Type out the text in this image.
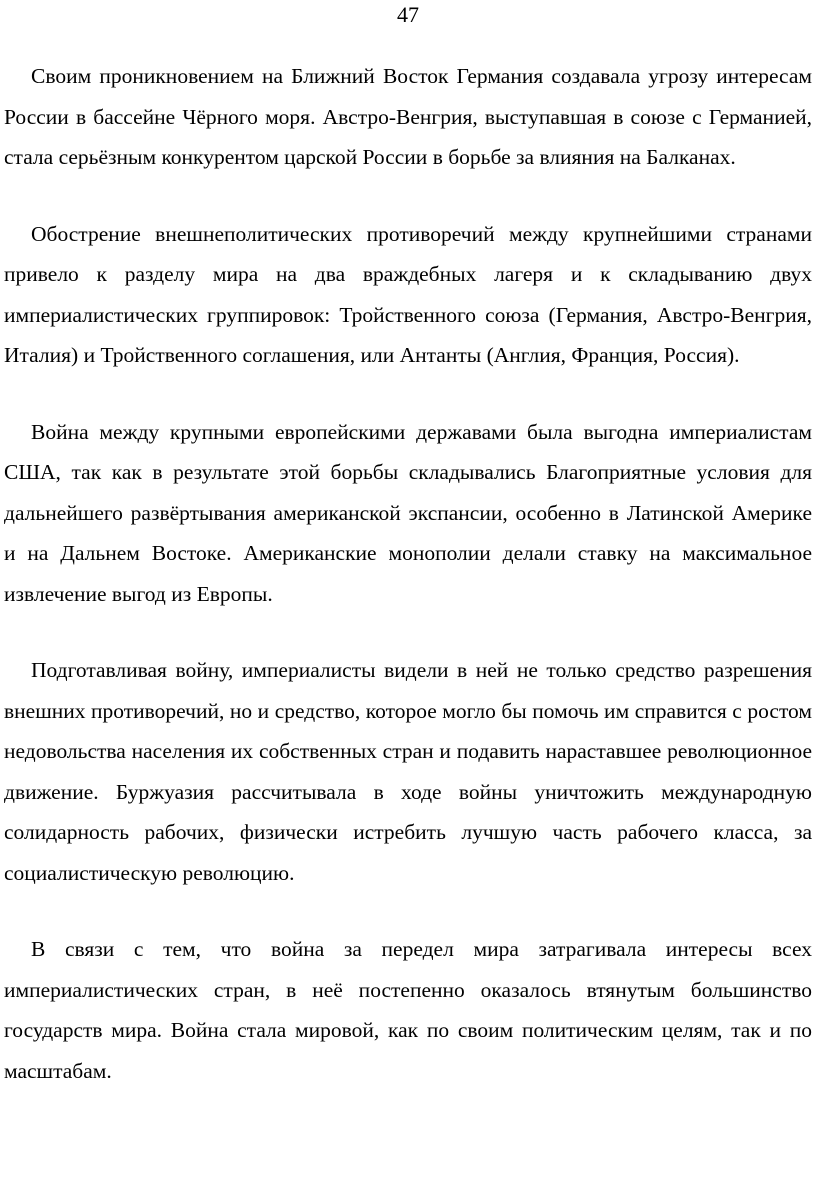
47

Своим проникновением на Ближний Восток Германия создавала угрозу интересам России в бассейне Чёрного моря. Австро-Венгрия, выступавшая в союзе с Германией, стала серьёзным конкурентом царской России в борьбе за влияния на Балканах.

Обострение внешнеполитических противоречий между крупнейшими странами привело к разделу мира на два враждебных лагеря и к складыванию двух империалистических группировок: Тройственного союза (Германия, Австро-Венгрия, Италия) и Тройственного соглашения, или Антанты (Англия, Франция, Россия).

Война между крупными европейскими державами была выгодна империалистам США, так как в результате этой борьбы складывались Благоприятные условия для дальнейшего развёртывания американской экспансии, особенно в Латинской Америке и на Дальнем Востоке. Американские монополии делали ставку на максимальное извлечение выгод из Европы.

Подготавливая войну, империалисты видели в ней не только средство разрешения внешних противоречий, но и средство, которое могло бы помочь им справится с ростом недовольства населения их собственных стран и подавить нараставшее революционное движение. Буржуазия рассчитывала в ходе войны уничтожить международную солидарность рабочих, физически истребить лучшую часть рабочего класса, за социалистическую революцию.

В связи с тем, что война за передел мира затрагивала интересы всех империалистических стран, в неё постепенно оказалось втянутым большинство государств мира. Война стала мировой, как по своим политическим целям, так и по масштабам.
